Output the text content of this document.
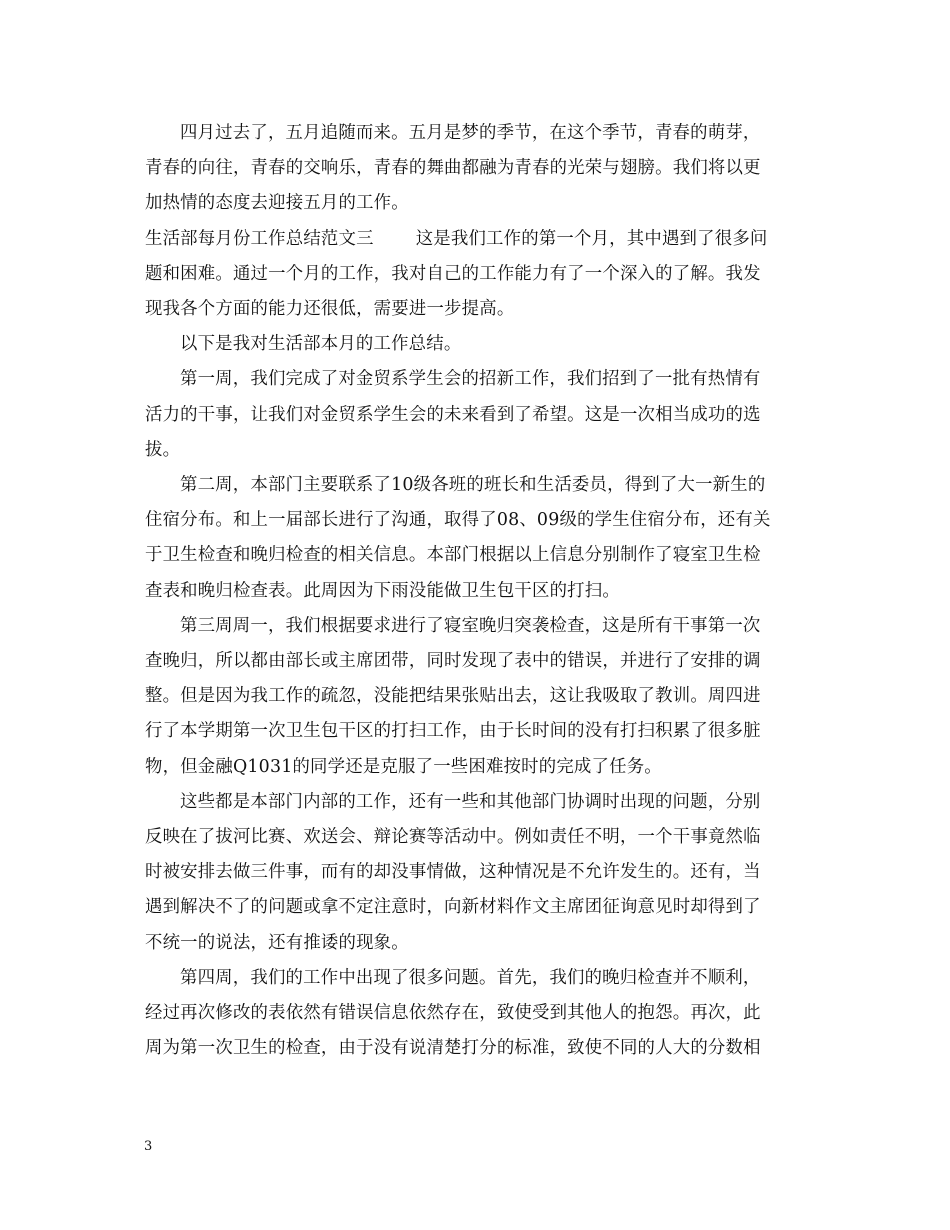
四月过去了，五月追随而来。五月是梦的季节，在这个季节，青春的萌芽，
青春的向往，青春的交响乐，青春的舞曲都融为青春的光荣与翅膀。我们将以更
加热情的态度去迎接五月的工作。
生活部每月份工作总结范文三 这是我们工作的第一个月，其中遇到了很多问
题和困难。通过一个月的工作，我对自己的工作能力有了一个深入的了解。我发
现我各个方面的能力还很低，需要进一步提高。
以下是我对生活部本月的工作总结。
第一周，我们完成了对金贸系学生会的招新工作，我们招到了一批有热情有
活力的干事，让我们对金贸系学生会的未来看到了希望。这是一次相当成功的选
拔。
第二周，本部门主要联系了10级各班的班长和生活委员，得到了大一新生的
住宿分布。和上一届部长进行了沟通，取得了08、09级的学生住宿分布，还有关
于卫生检查和晚归检查的相关信息。本部门根据以上信息分别制作了寝室卫生检
查表和晚归检查表。此周因为下雨没能做卫生包干区的打扫。
第三周周一，我们根据要求进行了寝室晚归突袭检查，这是所有干事第一次
查晚归，所以都由部长或主席团带，同时发现了表中的错误，并进行了安排的调
整。但是因为我工作的疏忽，没能把结果张贴出去，这让我吸取了教训。周四进
行了本学期第一次卫生包干区的打扫工作，由于长时间的没有打扫积累了很多脏
物，但金融Q1031的同学还是克服了一些困难按时的完成了任务。
这些都是本部门内部的工作，还有一些和其他部门协调时出现的问题，分别
反映在了拔河比赛、欢送会、辩论赛等活动中。例如责任不明，一个干事竟然临
时被安排去做三件事，而有的却没事情做，这种情况是不允许发生的。还有，当
遇到解决不了的问题或拿不定注意时，向新材料作文主席团征询意见时却得到了
不统一的说法，还有推诿的现象。
第四周，我们的工作中出现了很多问题。首先，我们的晚归检查并不顺利，
经过再次修改的表依然有错误信息依然存在，致使受到其他人的抱怨。再次，此
周为第一次卫生的检查，由于没有说清楚打分的标准，致使不同的人大的分数相
3
